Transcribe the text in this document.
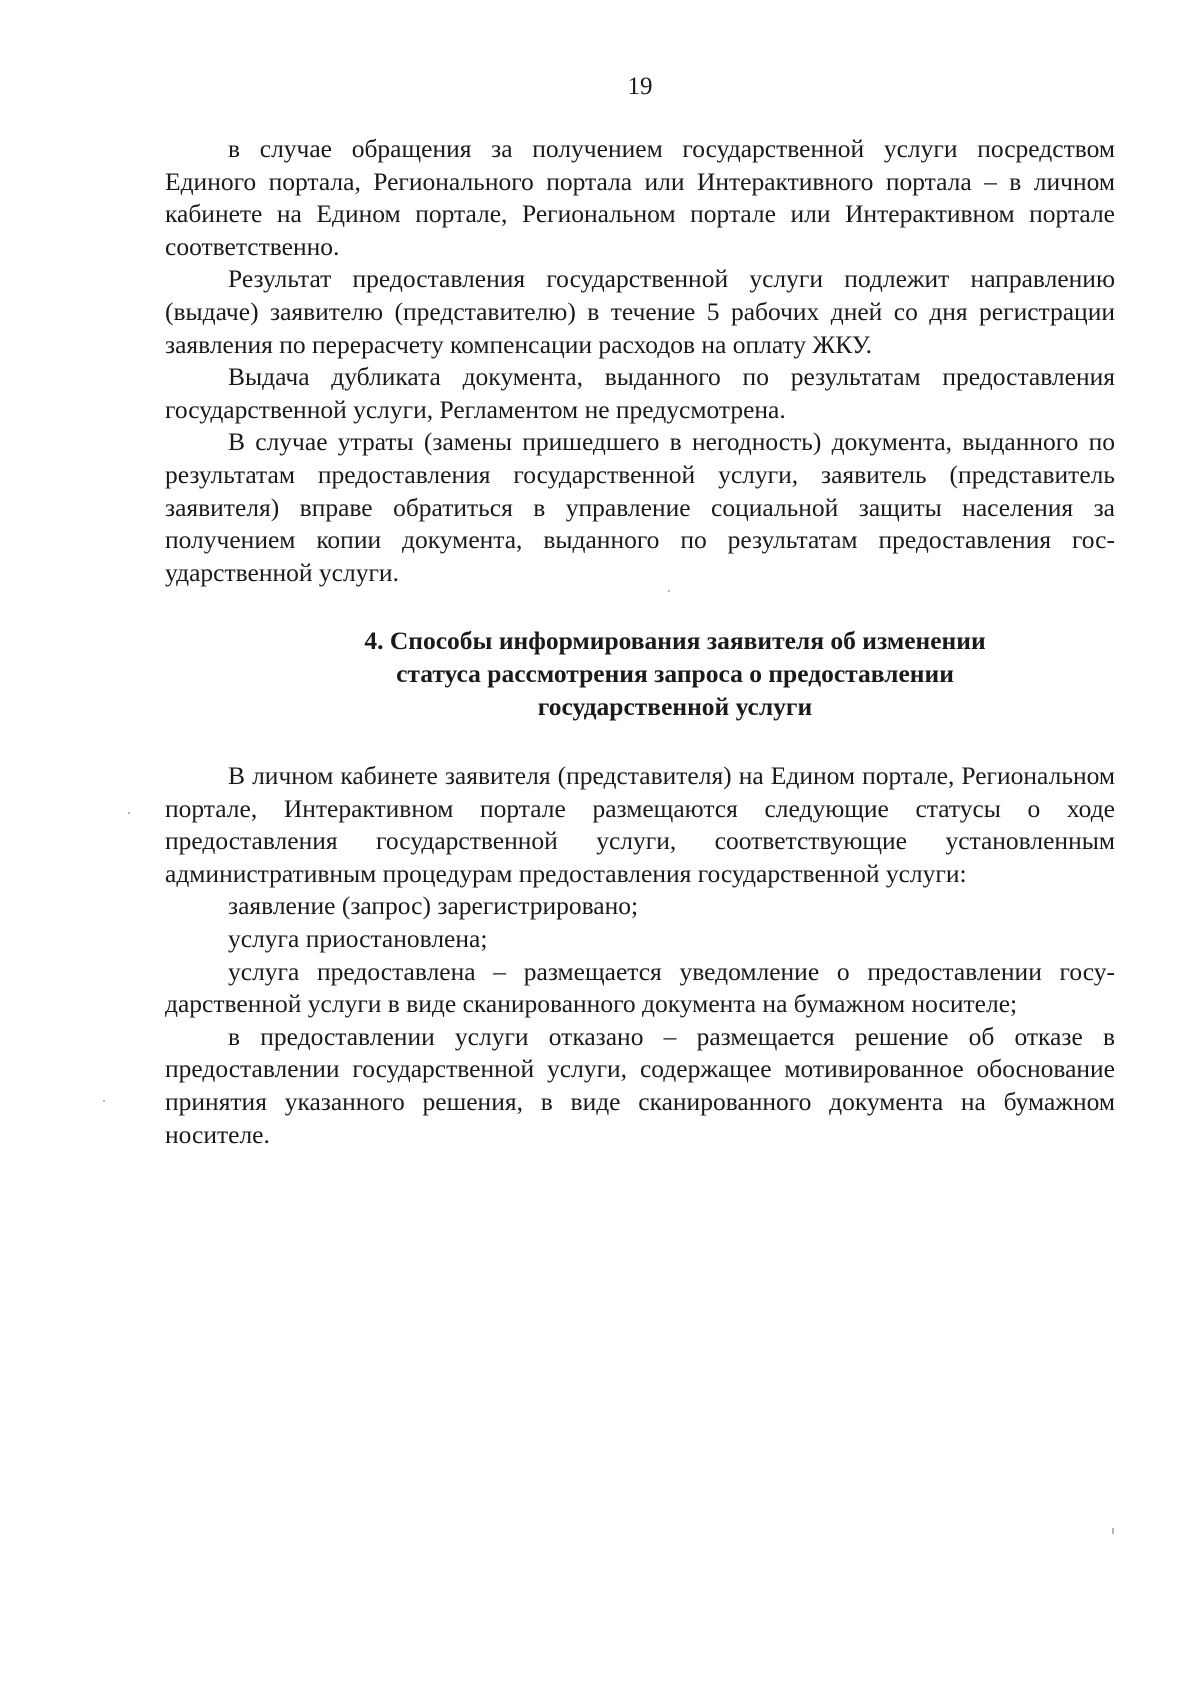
19

в случае обращения за получением государственной услуги посредством Единого портала, Регионального портала или Интерактивного портала – в личном кабинете на Едином портале, Региональном портале или Интерактивном портале соответственно.

Результат предоставления государственной услуги подлежит направлению (выдаче) заявителю (представителю) в течение 5 рабочих дней со дня регистрации заявления по перерасчету компенсации расходов на оплату ЖКУ.

Выдача дубликата документа, выданного по результатам предоставления государственной услуги, Регламентом не предусмотрена.

В случае утраты (замены пришедшего в негодность) документа, выданного по результатам предоставления государственной услуги, заявитель (представитель заявителя) вправе обратиться в управление социальной защиты населения за получением копии документа, выданного по результатам предоставления государственной услуги.

4. Способы информирования заявителя об изменении
статуса рассмотрения запроса о предоставлении
государственной услуги

В личном кабинете заявителя (представителя) на Едином портале, Региональном портале, Интерактивном портале размещаются следующие статусы о ходе предоставления государственной услуги, соответствующие установленным административным процедурам предоставления государственной услуги:

заявление (запрос) зарегистрировано;

услуга приостановлена;

услуга предоставлена – размещается уведомление о предоставлении государственной услуги в виде сканированного документа на бумажном носителе;

в предоставлении услуги отказано – размещается решение об отказе в предоставлении государственной услуги, содержащее мотивированное обоснование принятия указанного решения, в виде сканированного документа на бумажном носителе.
